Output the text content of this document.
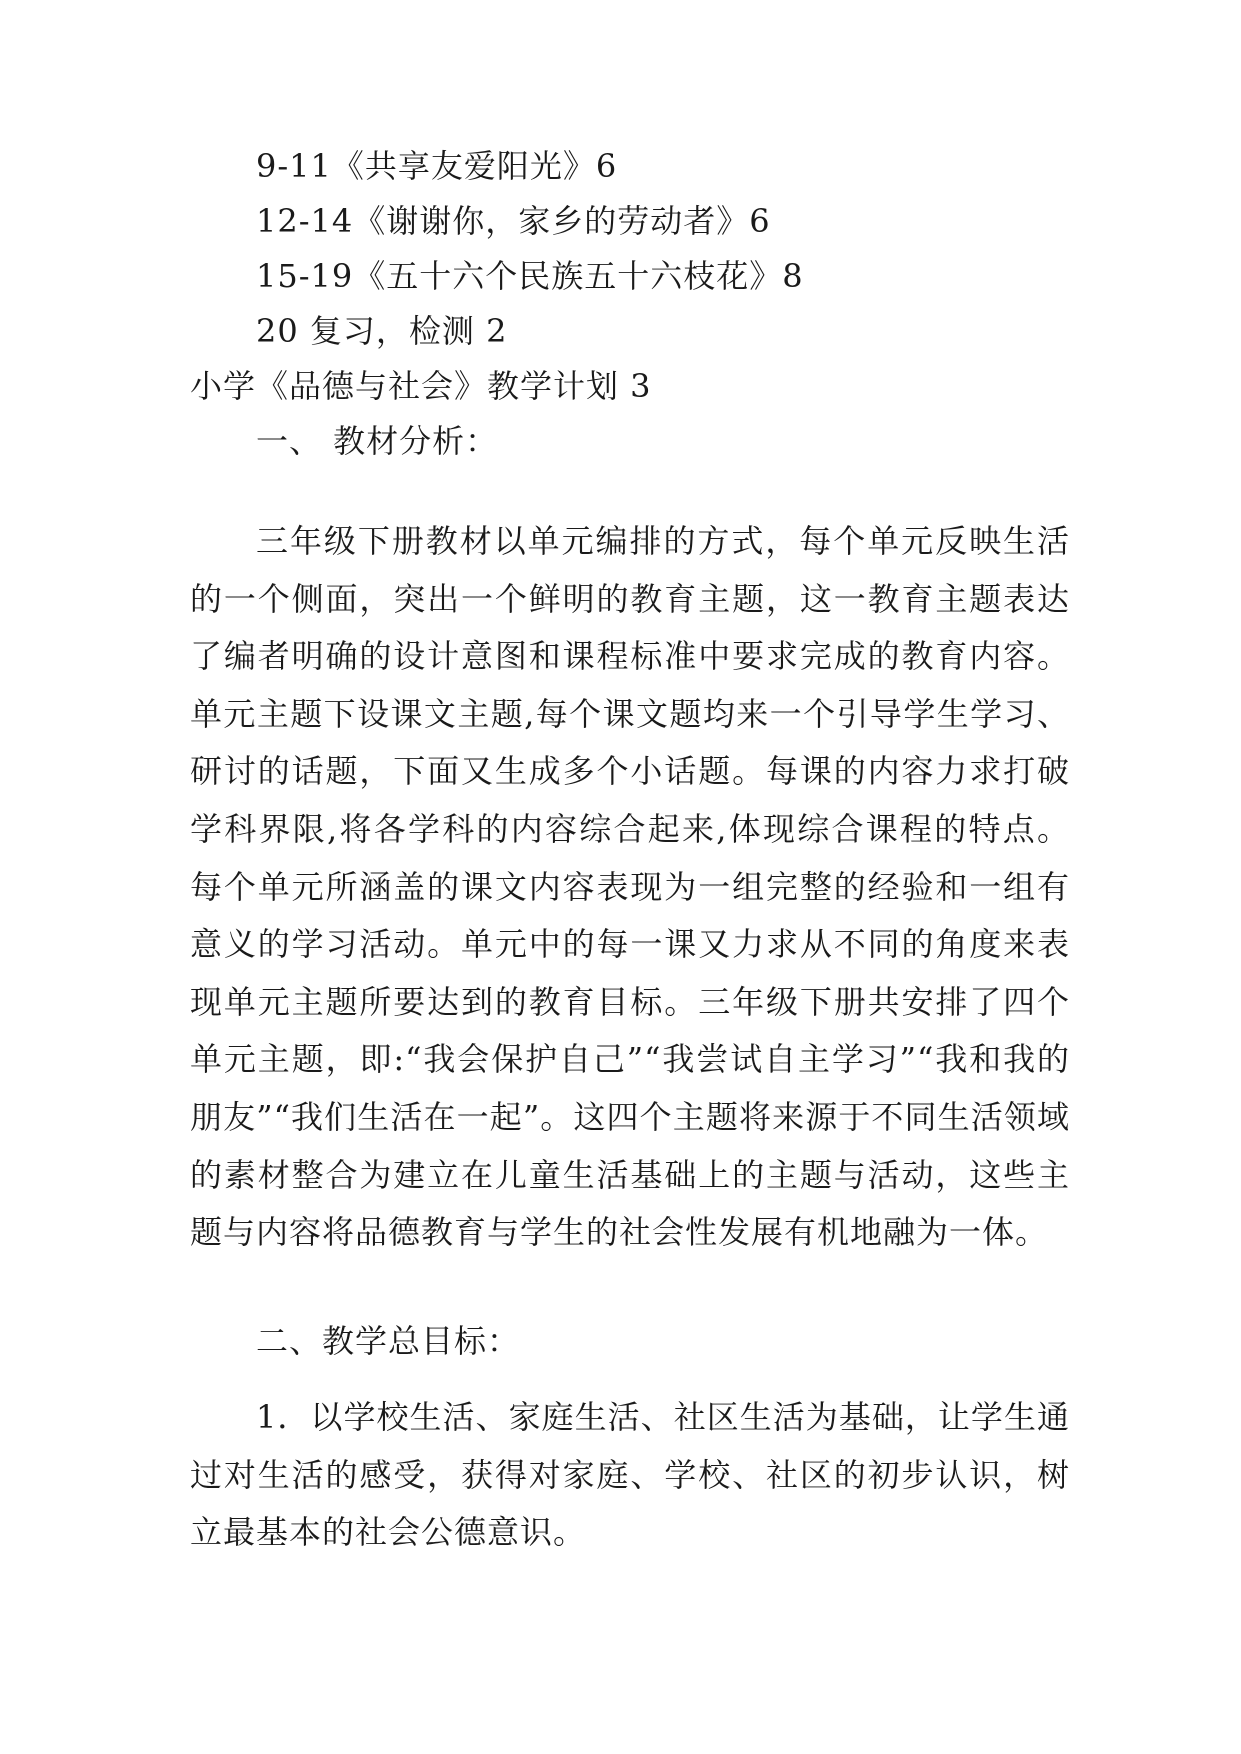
9-11《共享友爱阳光》6
12-14《谢谢你，家乡的劳动者》6
15-19《五十六个民族五十六枝花》8
20 复习，检测 2
小学《品德与社会》教学计划 3
一、 教材分析：

三年级下册教材以单元编排的方式，每个单元反映生活的一个侧面，突出一个鲜明的教育主题，这一教育主题表达了编者明确的设计意图和课程标准中要求完成的教育内容。单元主题下设课文主题,每个课文题均来一个引导学生学习、研讨的话题，下面又生成多个小话题。每课的内容力求打破学科界限,将各学科的内容综合起来,体现综合课程的特点。每个单元所涵盖的课文内容表现为一组完整的经验和一组有意义的学习活动。单元中的每一课又力求从不同的角度来表现单元主题所要达到的教育目标。三年级下册共安排了四个单元主题，即:“我会保护自己”“我尝试自主学习”“我和我的朋友”“我们生活在一起”。这四个主题将来源于不同生活领域的素材整合为建立在儿童生活基础上的主题与活动，这些主题与内容将品德教育与学生的社会性发展有机地融为一体。

二、教学总目标：

1．以学校生活、家庭生活、社区生活为基础，让学生通过对生活的感受，获得对家庭、学校、社区的初步认识，树立最基本的社会公德意识。
